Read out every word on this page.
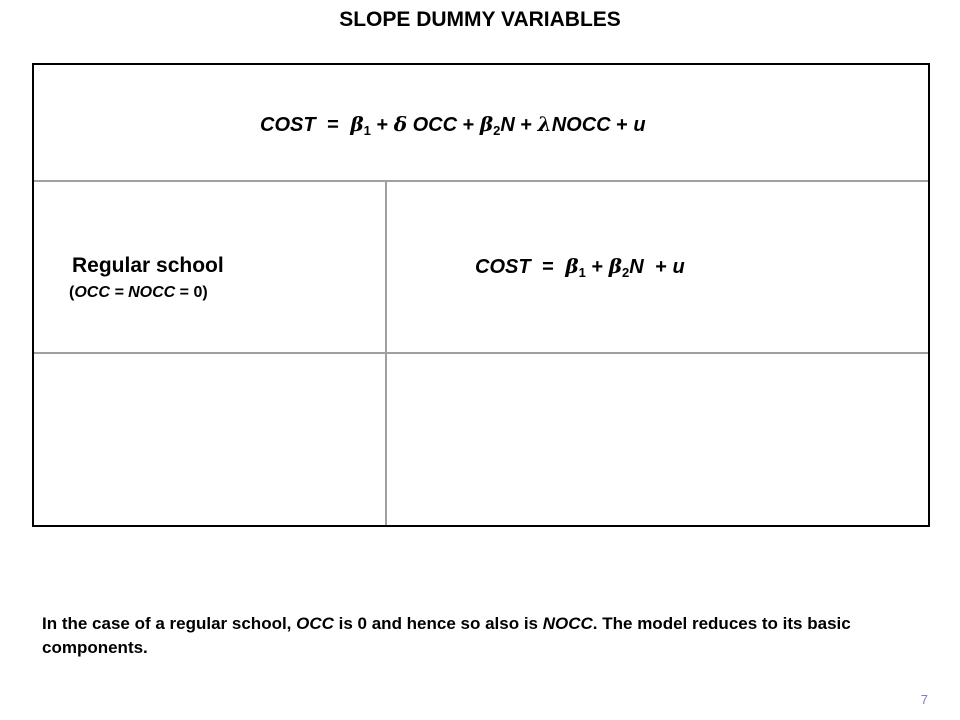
SLOPE DUMMY VARIABLES
COST = $\beta_1 + \delta$ OCC + $\beta_2N$ + λNOCC + u
Regular school
(OCC = NOCC = 0)
COST = $\beta_1 + \beta_2N + u$
In the case of a regular school, OCC is 0 and hence so also is NOCC. The model reduces to its basic components.
7
